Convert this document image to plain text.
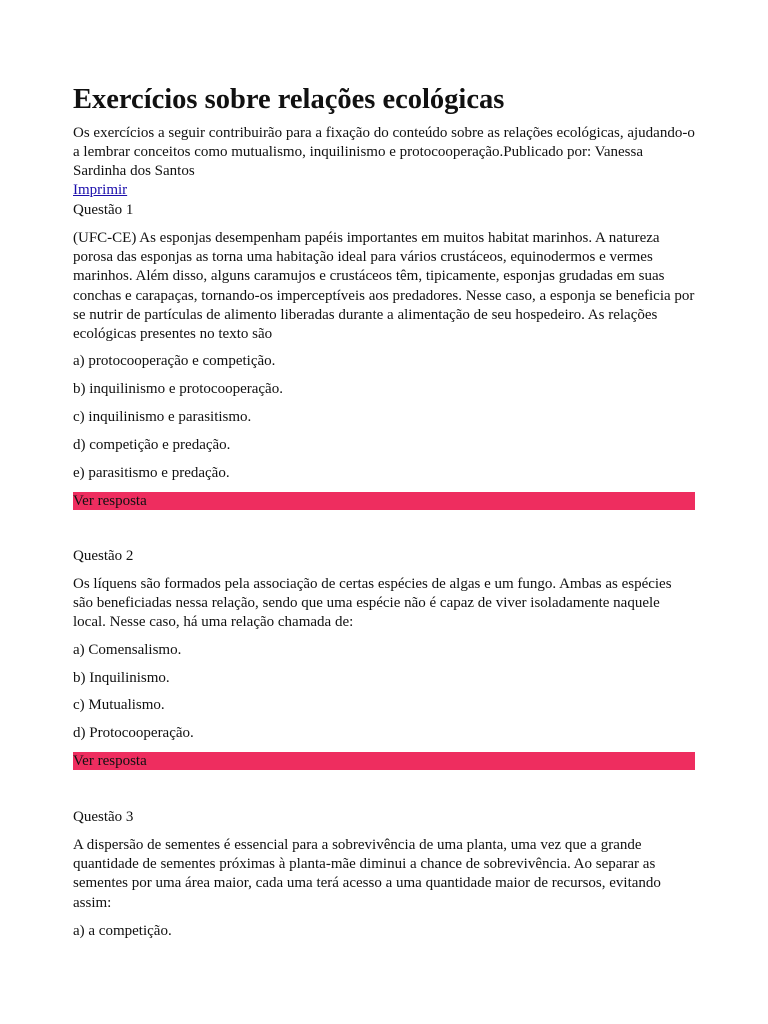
Exercícios sobre relações ecológicas

Os exercícios a seguir contribuirão para a fixação do conteúdo sobre as relações ecológicas, ajudando-o a lembrar conceitos como mutualismo, inquilinismo e protocooperação.Publicado por: Vanessa Sardinha dos Santos

Imprimir

Questão 1

(UFC-CE) As esponjas desempenham papéis importantes em muitos habitat marinhos. A natureza porosa das esponjas as torna uma habitação ideal para vários crustáceos, equinodermos e vermes marinhos. Além disso, alguns caramujos e crustáceos têm, tipicamente, esponjas grudadas em suas conchas e carapaças, tornando-os imperceptíveis aos predadores. Nesse caso, a esponja se beneficia por se nutrir de partículas de alimento liberadas durante a alimentação de seu hospedeiro. As relações ecológicas presentes no texto são

a) protocooperação e competição.

b) inquilinismo e protocooperação.

c) inquilinismo e parasitismo.

d) competição e predação.

e) parasitismo e predação.

Ver resposta

Questão 2

Os líquens são formados pela associação de certas espécies de algas e um fungo. Ambas as espécies são beneficiadas nessa relação, sendo que uma espécie não é capaz de viver isoladamente naquele local. Nesse caso, há uma relação chamada de:

a) Comensalismo.

b) Inquilinismo.

c) Mutualismo.

d) Protocooperação.

Ver resposta

Questão 3

A dispersão de sementes é essencial para a sobrevivência de uma planta, uma vez que a grande quantidade de sementes próximas à planta-mãe diminui a chance de sobrevivência. Ao separar as sementes por uma área maior, cada uma terá acesso a uma quantidade maior de recursos, evitando assim:

a) a competição.
